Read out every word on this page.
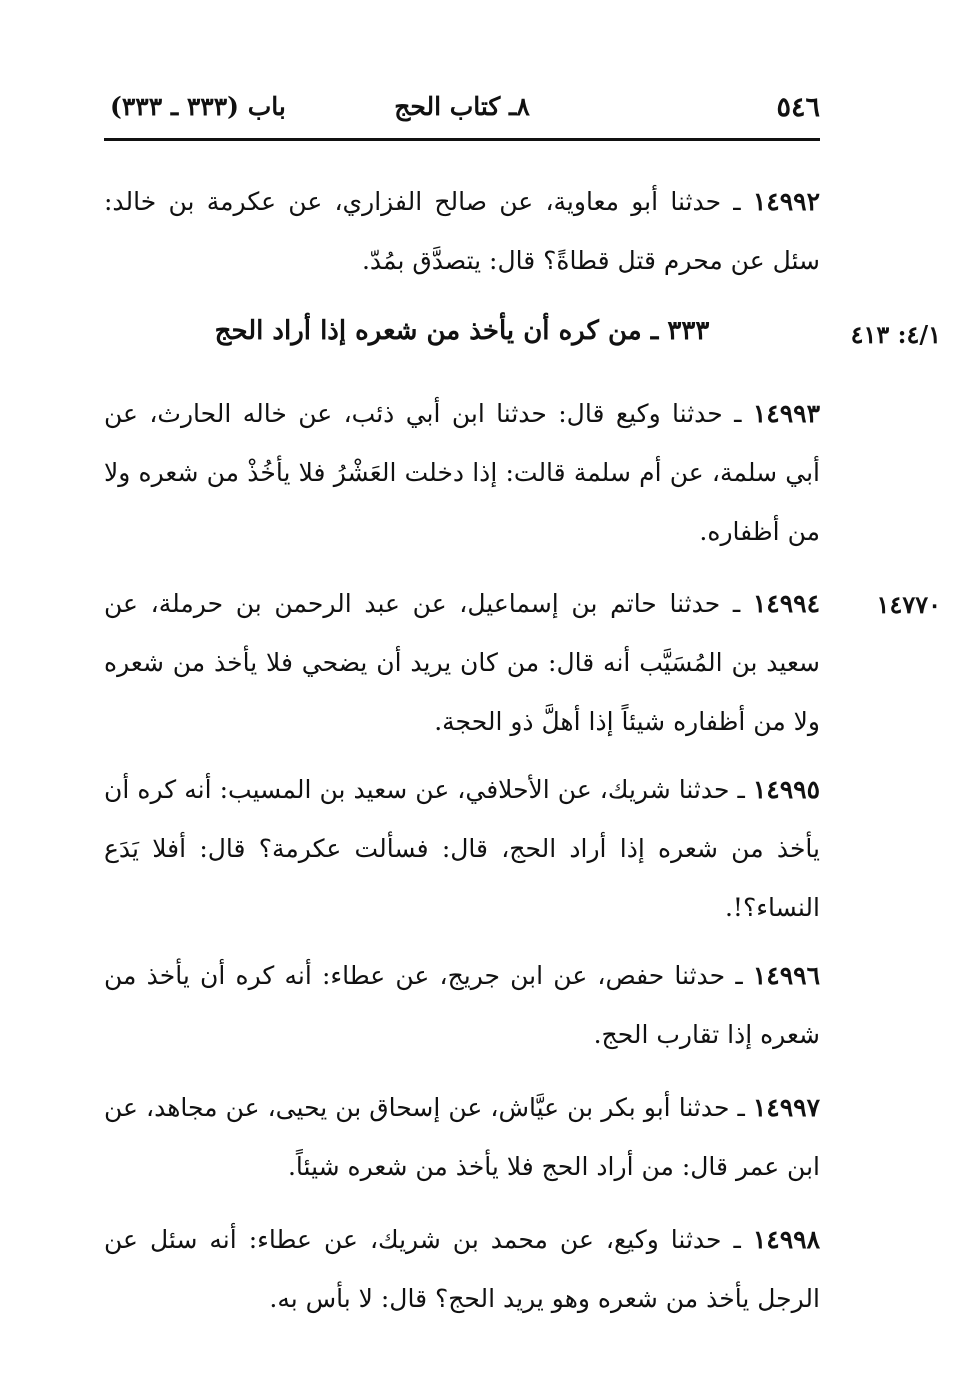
٥٤٦
٨ـ كتاب الحج
باب (٣٣٣ ـ ٣٣٣)
١٤٩٩٢ ـ حدثنا أبو معاوية، عن صالح الفزاري، عن عكرمة بن خالد: سئل عن محرم قتل قطاةً؟ قال: يتصدَّق بمُدّ.
٣٣٣ ـ من كره أن يأخذ من شعره إذا أراد الحج	٤/١: ٤١٣
١٤٩٩٣ ـ حدثنا وكيع قال: حدثنا ابن أبي ذئب، عن خاله الحارث، عن أبي سلمة، عن أم سلمة قالت: إذا دخلت العَشْرُ فلا يأخُذْ من شعره ولا من أظفاره.
١٤٩٩٤ ـ حدثنا حاتم بن إسماعيل، عن عبد الرحمن بن حرملة، عن سعيد بن المُسَيَّب أنه قال: من كان يريد أن يضحي فلا يأخذ من شعره ولا من أظفاره شيئاً إذا أهلَّ ذو الحجة.
١٤٧٧٠
١٤٩٩٥ ـ حدثنا شريك، عن الأحلافي، عن سعيد بن المسيب: أنه كره أن يأخذ من شعره إذا أراد الحج، قال: فسألت عكرمة؟ قال: أفلا يَدَع النساء؟!.
١٤٩٩٦ ـ حدثنا حفص، عن ابن جريج، عن عطاء: أنه كره أن يأخذ من شعره إذا تقارب الحج.
١٤٩٩٧ ـ حدثنا أبو بكر بن عيَّاش، عن إسحاق بن يحيى، عن مجاهد، عن ابن عمر قال: من أراد الحج فلا يأخذ من شعره شيئاً.
١٤٩٩٨ ـ حدثنا وكيع، عن محمد بن شريك، عن عطاء: أنه سئل عن الرجل يأخذ من شعره وهو يريد الحج؟ قال: لا بأس به.
